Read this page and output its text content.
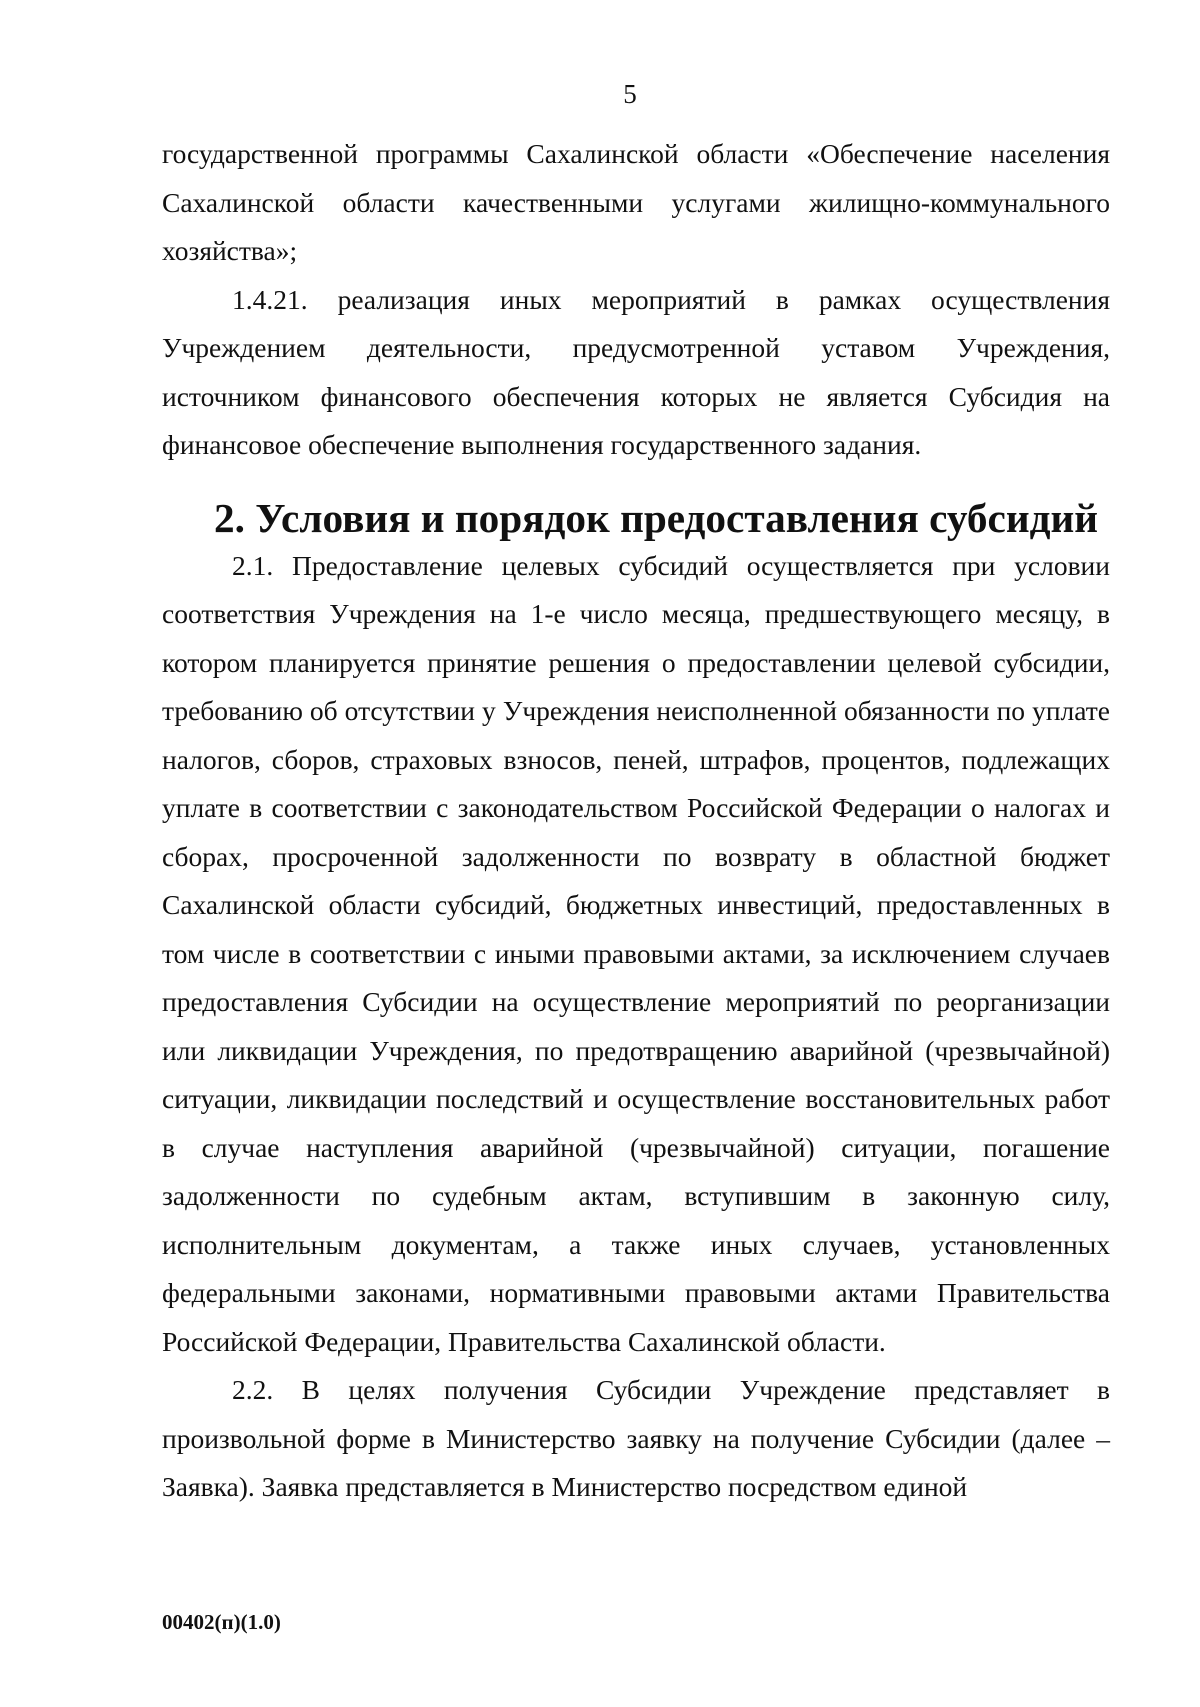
5

государственной программы Сахалинской области «Обеспечение населения Сахалинской области качественными услугами жилищно-коммунального хозяйства»;

1.4.21. реализация иных мероприятий в рамках осуществления Учреждением деятельности, предусмотренной уставом Учреждения, источником финансового обеспечения которых не является Субсидия на финансовое обеспечение выполнения государственного задания.

2. Условия и порядок предоставления субсидий

2.1. Предоставление целевых субсидий осуществляется при условии соответствия Учреждения на 1-е число месяца, предшествующего месяцу, в котором планируется принятие решения о предоставлении целевой субсидии, требованию об отсутствии у Учреждения неисполненной обязанности по уплате налогов, сборов, страховых взносов, пеней, штрафов, процентов, подлежащих уплате в соответствии с законодательством Российской Федерации о налогах и сборах, просроченной задолженности по возврату в областной бюджет Сахалинской области субсидий, бюджетных инвестиций, предоставленных в том числе в соответствии с иными правовыми актами, за исключением случаев предоставления Субсидии на осуществление мероприятий по реорганизации или ликвидации Учреждения, по предотвращению аварийной (чрезвычайной) ситуации, ликвидации последствий и осуществление восстановительных работ в случае наступления аварийной (чрезвычайной) ситуации, погашение задолженности по судебным актам, вступившим в законную силу, исполнительным документам, а также иных случаев, установленных федеральными законами, нормативными правовыми актами Правительства Российской Федерации, Правительства Сахалинской области.

2.2. В целях получения Субсидии Учреждение представляет в произвольной форме в Министерство заявку на получение Субсидии (далее – Заявка). Заявка представляется в Министерство посредством единой

00402(п)(1.0)
